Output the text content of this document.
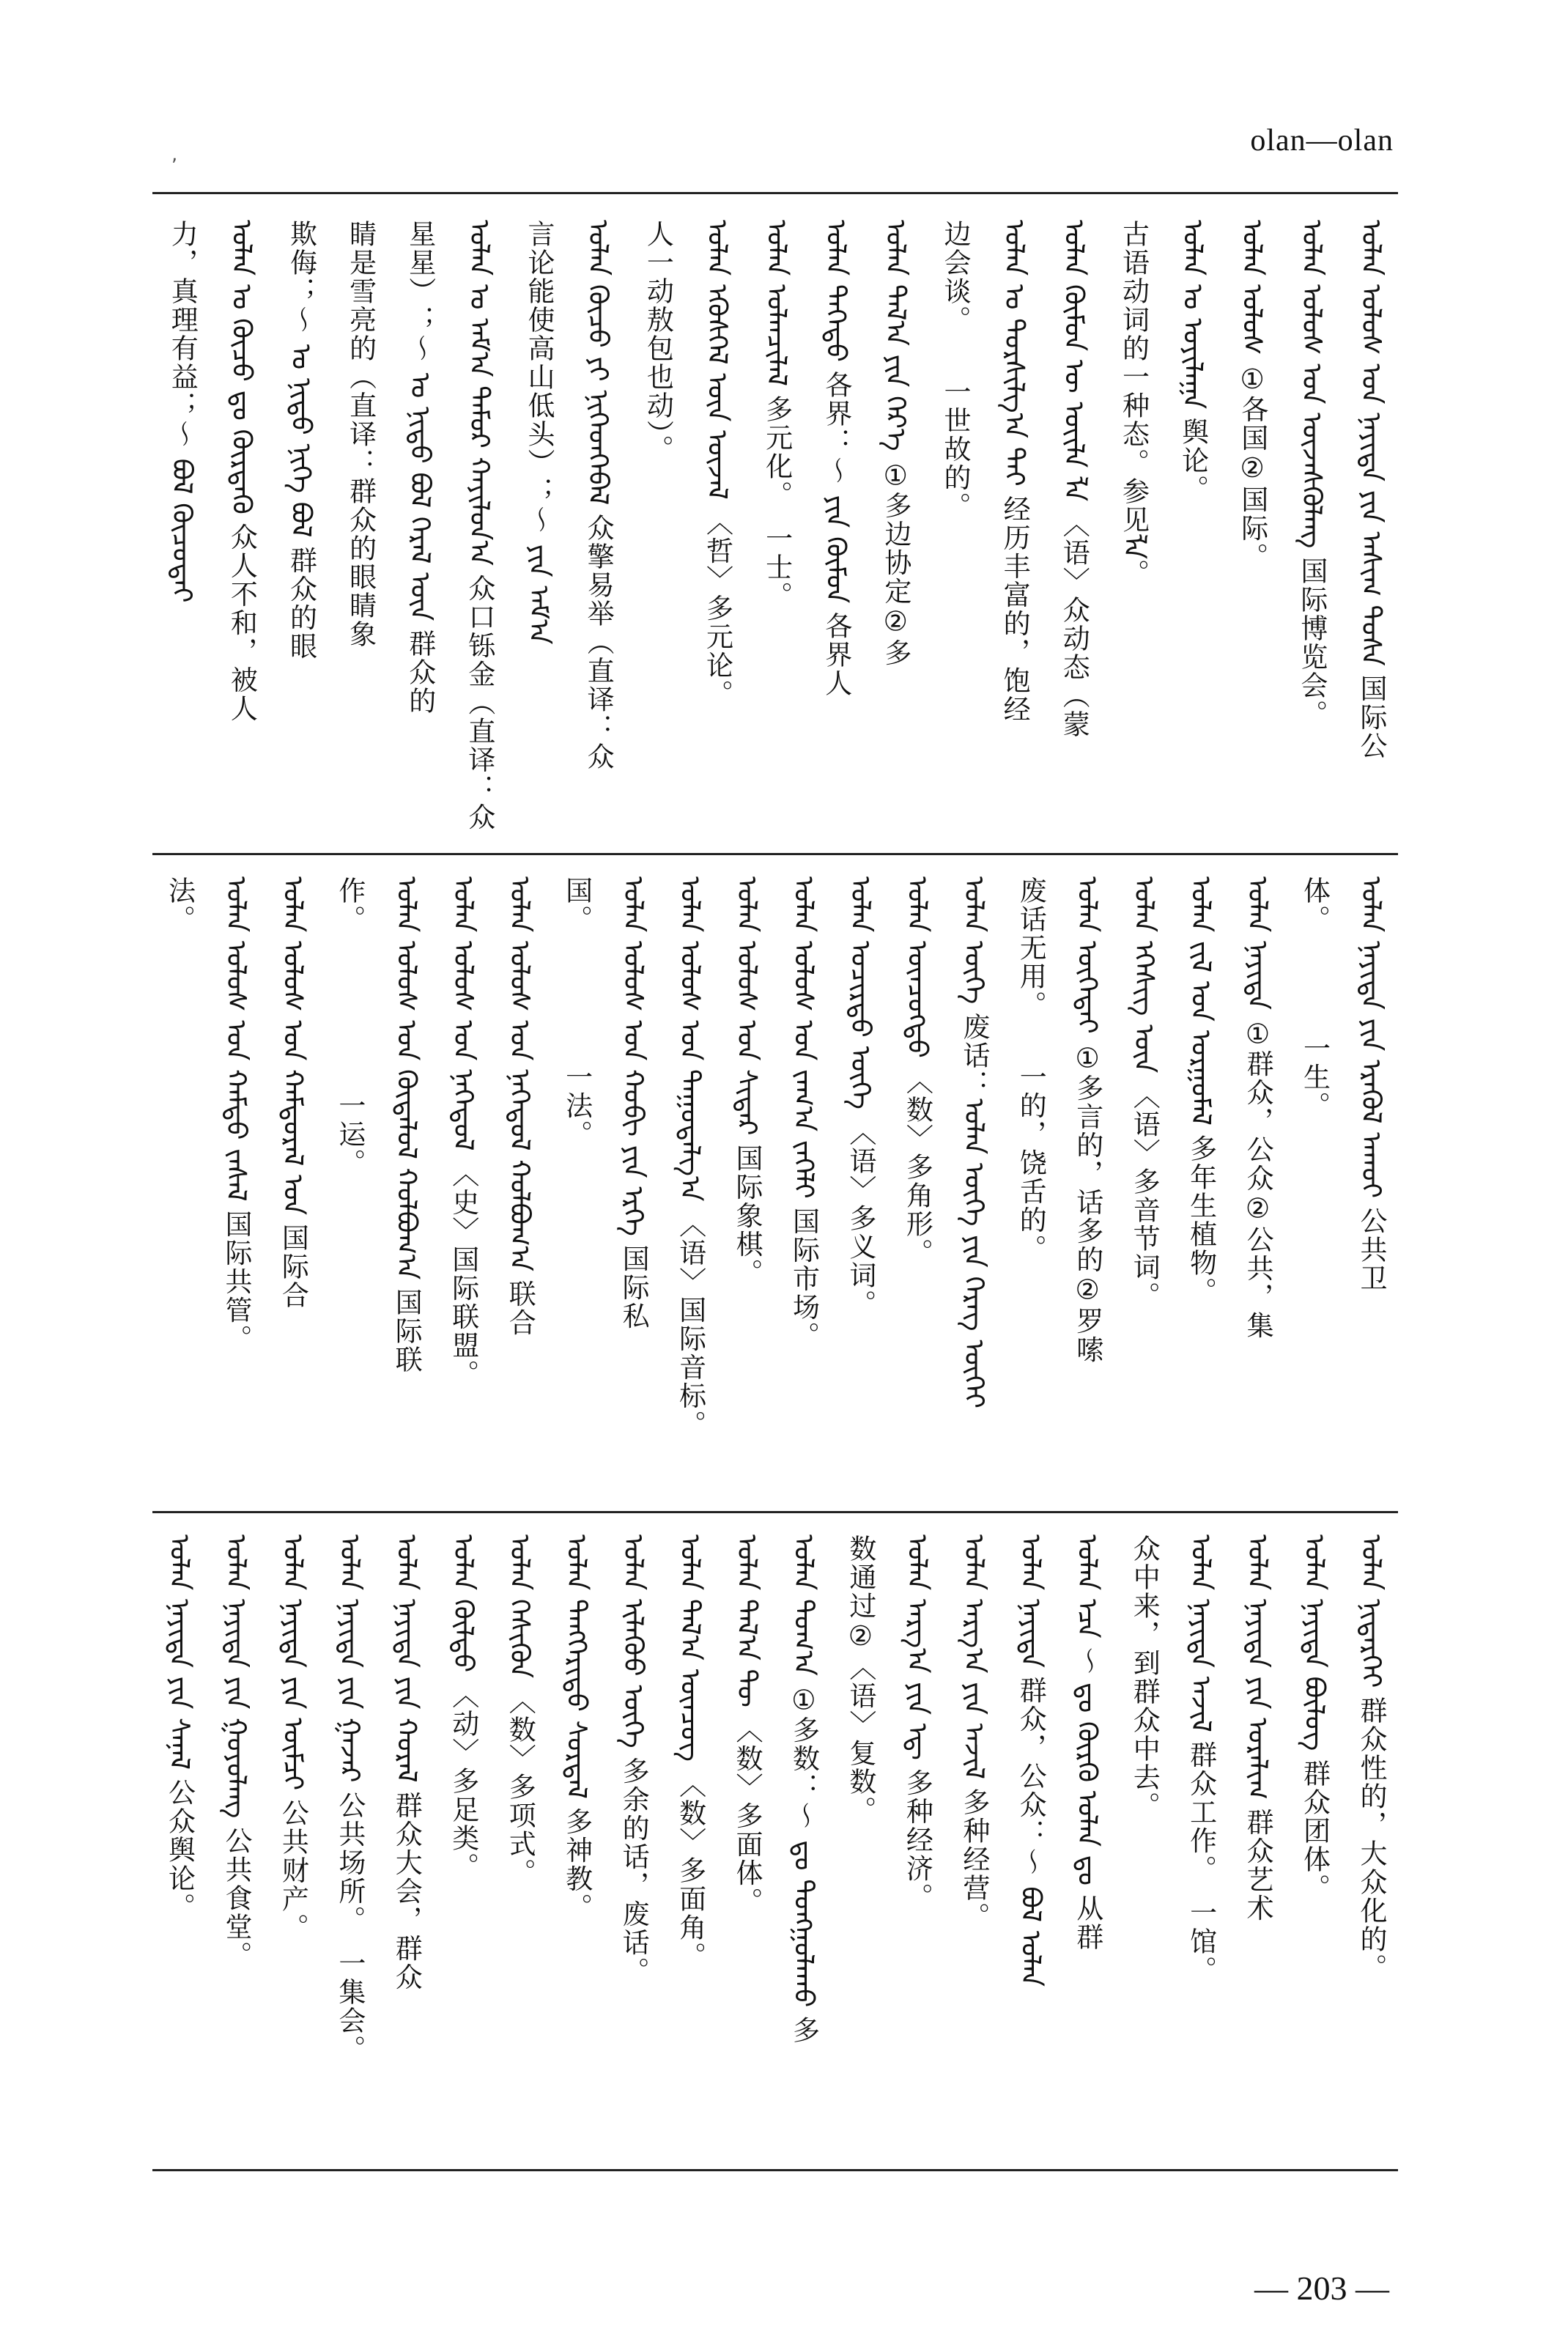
,	olan—olan
ᠣᠯᠠᠨ ᠤᠯᠤᠰ ᠤᠨ ᠨᠡᠶᠢᠲᠡ ᠶᠢᠨ ᠠᠰᠢᠭ ᠲᠤᠰᠠ 国际公
ᠣᠯᠠᠨ ᠤᠯᠤᠰ ᠤᠨ ᠦᠵᠡᠰᠬᠦᠯᠡᠩ 国际博览会。
ᠣᠯᠠᠨ ᠤᠯᠤᠰ ①各国②国际。
ᠣᠯᠠᠨ ᠤ ᠣᠶᠢᠯᠠᠭᠠ 舆论。
古语动词的一种态。参见ᠯᠠ。
ᠣᠯᠠᠨ ᠬᠦᠮᠦᠨ ᠦ ᠦᠢᠯᠡ ᠯᠠ 〈语〉众动态（蒙
ᠣᠯᠠᠨ ᠤ ᠲᠤᠷᠰᠢᠯᠭ᠎ᠠ ᠲᠠᠢ 经历丰富的，饱经
边会谈。　　一世故的。
ᠣᠯᠠᠨ ᠲᠠᠯ᠎ᠠ ᠶᠢᠨ ᠭᠡᠷ᠎ᠡ ①多边协定②多
ᠣᠯᠠᠨ ᠳᠡᠭᠡᠳᠦ 各界：～ ᠶᠢᠨ ᠬᠦᠮᠦᠨ 各界人
ᠣᠯᠠᠨ ᠣᠯᠠᠨᠴᠢᠯᠠᠯ 多元化。　一士。
ᠣᠯᠠᠨ ᠡᠭᠦᠰᠬᠡᠯ ᠦᠨ ᠦᠵᠡᠯ 〈哲〉多元论。
人一动敖包也动）。
ᠣᠯᠠᠨ ᠬᠦᠴᠦ ᠶᠢ ᠨᠢᠭᠡᠳᠬᠡᠪᠡᠯ 众擎易举（直译：众
言论能使高山低头）；～ ᠶᠢᠨ ᠠᠮ᠎ᠠ
ᠣᠯᠠᠨ ᠤ ᠠᠮ᠎ᠠ ᠲᠡᠮᠦᠷ ᠬᠠᠶᠢᠯᠤᠨ᠎ᠠ 众口铄金（直译：众
星星）；～ ᠤ ᠨᠢᠳᠦ ᠪᠣᠯ ᠭᠡᠷᠡᠯ ᠦᠨ 群众的
睛是雪亮的（直译：群众的眼睛象
欺侮；～ ᠤ ᠨᠢᠳᠦ ᠨᠢᠭᠡ ᠪᠣᠯ 群众的眼
ᠣᠯᠠᠨ ᠤ ᠬᠦᠴᠦ ᠳᠤ ᠬᠦᠷᠳᠡᠬᠦ 众人不和，被人
力，真理有益；～ ᠪᠣᠯ ᠬᠦᠴᠦᠲᠡᠢ
ᠣᠯᠠᠨ ᠨᠡᠶᠢᠲᠡ ᠶᠢᠨ ᠡᠷᠡᠭᠦᠯ ᠠᠬᠤᠢ 公共卫
体。　　　　一生。
ᠣᠯᠠᠨ ᠨᠡᠶᠢᠲᠡ ①群众，公众②公共，集
ᠣᠯᠠᠨ ᠵᠢᠯ ᠤᠨ ᠤᠷᠭᠤᠮᠠᠯ 多年生植物。
ᠣᠯᠠᠨ ᠡᠭᠡᠰᠢᠭ ᠦᠨ 〈语〉多音节词。
ᠣᠯᠠᠨ ᠦᠭᠡᠲᠡᠢ ①多言的，话多的②罗嗦
废话无用。　　一的，饶舌的。
ᠣᠯᠠᠨ ᠦᠭᠡ 废话：ᠣᠯᠠᠨ ᠦᠭᠡ ᠶᠢᠨ ᠬᠡᠷᠡᠭ ᠦᠭᠡᠢ
ᠣᠯᠠᠨ ᠥᠨᠴᠥᠭᠲᠦ 〈数〉多角形。
ᠣᠯᠠᠨ ᠤᠴᠢᠷᠲᠤ ᠦᠭᠡ 〈语〉多义词。
ᠣᠯᠠᠨ ᠤᠯᠤᠰ ᠤᠨ ᠵᠠᠬ᠎ᠠ ᠵᠡᠭᠡᠯᠢ 国际市场。
ᠣᠯᠠᠨ ᠤᠯᠤᠰ ᠤᠨ ᠰᠢᠲᠠᠷ 国际象棋。
ᠣᠯᠠᠨ ᠤᠯᠤᠰ ᠤᠨ ᠳᠠᠭᠤᠳᠠᠯᠭ᠎ᠠ 〈语〉国际音标。
ᠣᠯᠠᠨ ᠤᠯᠤᠰ ᠤᠨ ᠬᠤᠪᠢ ᠶᠢᠨ ᠡᠷᠬᠡ 国际私
国。　　　　　一法。
ᠣᠯᠠᠨ ᠤᠯᠤᠰ ᠤᠨ ᠨᠡᠭᠡᠳᠦᠯ ᠬᠣᠯᠪᠣᠭ᠎ᠠ 联合
ᠣᠯᠠᠨ ᠤᠯᠤᠰ ᠤᠨ ᠨᠡᠭᠡᠳᠦᠯ 〈史〉国际联盟。
ᠣᠯᠠᠨ ᠤᠯᠤᠰ ᠤᠨ ᠬᠥᠳᠡᠯᠥᠯ ᠬᠣᠯᠪᠣᠭ᠎ᠠ 国际联
作。　　　　　　一运。
ᠣᠯᠠᠨ ᠤᠯᠤᠰ ᠤᠨ ᠬᠠᠮᠲᠤᠷᠠᠯ ᠤᠨ 国际合
ᠣᠯᠠᠨ ᠤᠯᠤᠰ ᠤᠨ ᠬᠠᠮᠲᠤ ᠵᠠᠰᠠᠯ 国际共管。
法。
ᠣᠯᠠᠨ ᠨᠢᠲᠡᠷᠬᠡᠢ 群众性的，大众化的。
ᠣᠯᠠᠨ ᠨᠡᠶᠢᠲᠡ ᠪᠦᠯᠦᠭ 群众团体。
ᠣᠯᠠᠨ ᠨᠡᠶᠢᠲᠡ ᠶᠢᠨ ᠤᠷᠠᠯᠢᠭ 群众艺术
ᠣᠯᠠᠨ ᠨᠡᠶᠢᠲᠡ ᠠᠵᠢᠯ 群众工作。　一馆。
众中来，到群众中去。
ᠣᠯᠠᠨ ᠡᠴᠡ ～ ᠳᠤ ᠬᠦᠷᠬᠦ ᠣᠯᠠᠨ ᠳᠤ 从群
ᠣᠯᠠᠨ ᠨᠡᠶᠢᠲᠡ 群众，公众：～ ᠪᠣᠯ ᠣᠯᠠᠨ
ᠣᠯᠠᠨ ᠠᠷᠭ᠎ᠠ ᠶᠢᠨ ᠠᠵᠢᠯ 多种经营。
ᠣᠯᠠᠨ ᠠᠷᠭ᠎ᠠ ᠶᠢᠨ ᠡᠳ᠋ 多种经济。
数通过②〈语〉复数。
ᠣᠯᠠᠨ ᠲᠣᠭ᠎ᠠ ①多数：～ ᠳᠤ ᠳᠤᠩᠭᠤᠯᠠᠬᠤ 多
ᠣᠯᠠᠨ ᠲᠠᠯ᠎ᠠ ᠲᠦ 〈数〉多面体。
ᠣᠯᠠᠨ ᠲᠠᠯ᠎ᠠ ᠥᠨᠴᠥᠭ 〈数〉多面角。
ᠣᠯᠠᠨ ᠢᠯᠡᠭᠦᠦ ᠦᠭᠡ 多余的话，废话。
ᠣᠯᠠᠨ ᠲᠡᠩᠭᠡᠷᠢᠲᠦ ᠰᠤᠷᠲᠠᠯ 多神教。
ᠣᠯᠠᠨ ᠭᠡᠰᠢᠭᠦᠨ 〈数〉多项式。
ᠣᠯᠠᠨ ᠬᠥᠯᠲᠦ 〈动〉多足类。
ᠣᠯᠠᠨ ᠨᠡᠶᠢᠲᠡ ᠶᠢᠨ ᠬᠤᠷᠠᠯ 群众大会，群众
ᠣᠯᠠᠨ ᠨᠡᠶᠢᠲᠡ ᠶᠢᠨ ᠭᠠᠵᠠᠷ 公共场所。　一集会。
ᠣᠯᠠᠨ ᠨᠡᠶᠢᠲᠡ ᠶᠢᠨ ᠥᠮᠴᠢ 公共财产。
ᠣᠯᠠᠨ ᠨᠡᠶᠢᠲᠡ ᠶᠢᠨ ᠭᠣᠶᠣᠯᠠᠩ 公共食堂。
ᠣᠯᠠᠨ ᠨᠡᠶᠢᠲᠡ ᠶᠢᠨ ᠰᠠᠨᠠᠯ 公众舆论。
— 203 —
